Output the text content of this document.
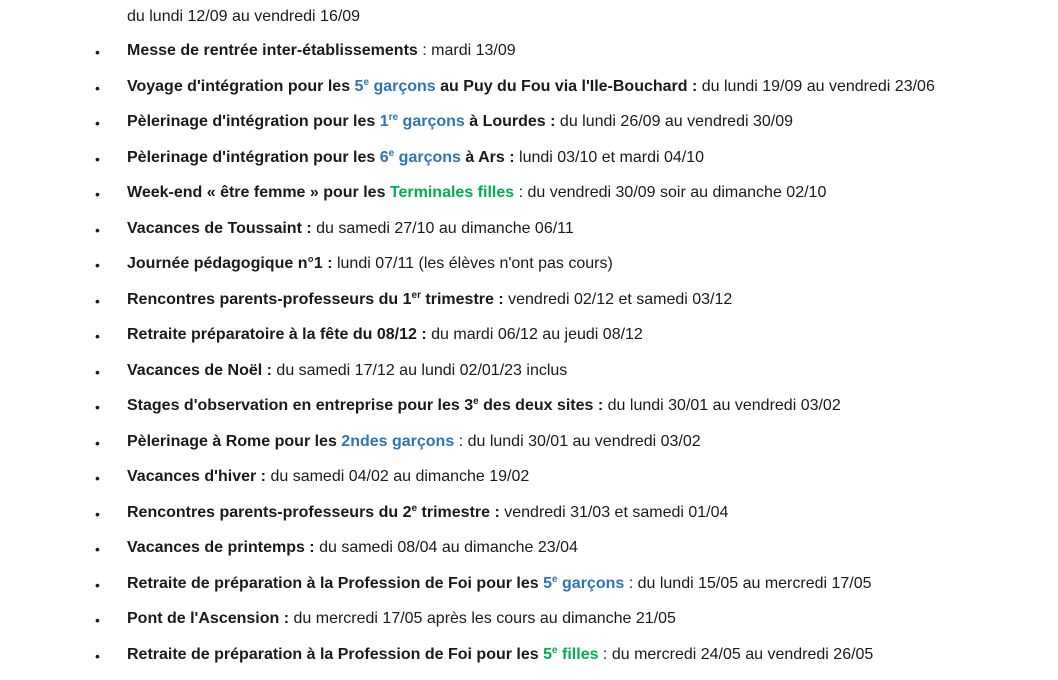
du lundi 12/09 au vendredi 16/09
• Messe de rentrée inter-établissements : mardi 13/09
• Voyage d'intégration pour les 5e garçons au Puy du Fou via l'Ile-Bouchard : du lundi 19/09 au vendredi 23/06
• Pèlerinage d'intégration pour les 1re garçons à Lourdes : du lundi 26/09 au vendredi 30/09
• Pèlerinage d'intégration pour les 6e garçons à Ars : lundi 03/10 et mardi 04/10
• Week-end « être femme » pour les Terminales filles : du vendredi 30/09 soir au dimanche 02/10
• Vacances de Toussaint : du samedi 27/10 au dimanche 06/11
• Journée pédagogique n°1 : lundi 07/11 (les élèves n'ont pas cours)
• Rencontres parents-professeurs du 1er trimestre : vendredi 02/12 et samedi 03/12
• Retraite préparatoire à la fête du 08/12 : du mardi 06/12 au jeudi 08/12
• Vacances de Noël : du samedi 17/12 au lundi 02/01/23 inclus
• Stages d'observation en entreprise pour les 3e des deux sites : du lundi 30/01 au vendredi 03/02
• Pèlerinage à Rome pour les 2ndes garçons : du lundi 30/01 au vendredi 03/02
• Vacances d'hiver : du samedi 04/02 au dimanche 19/02
• Rencontres parents-professeurs du 2e trimestre : vendredi 31/03 et samedi 01/04
• Vacances de printemps : du samedi 08/04 au dimanche 23/04
• Retraite de préparation à la Profession de Foi pour les 5e garçons : du lundi 15/05 au mercredi 17/05
• Pont de l'Ascension : du mercredi 17/05 après les cours au dimanche 21/05
• Retraite de préparation à la Profession de Foi pour les 5e filles : du mercredi 24/05 au vendredi 26/05
